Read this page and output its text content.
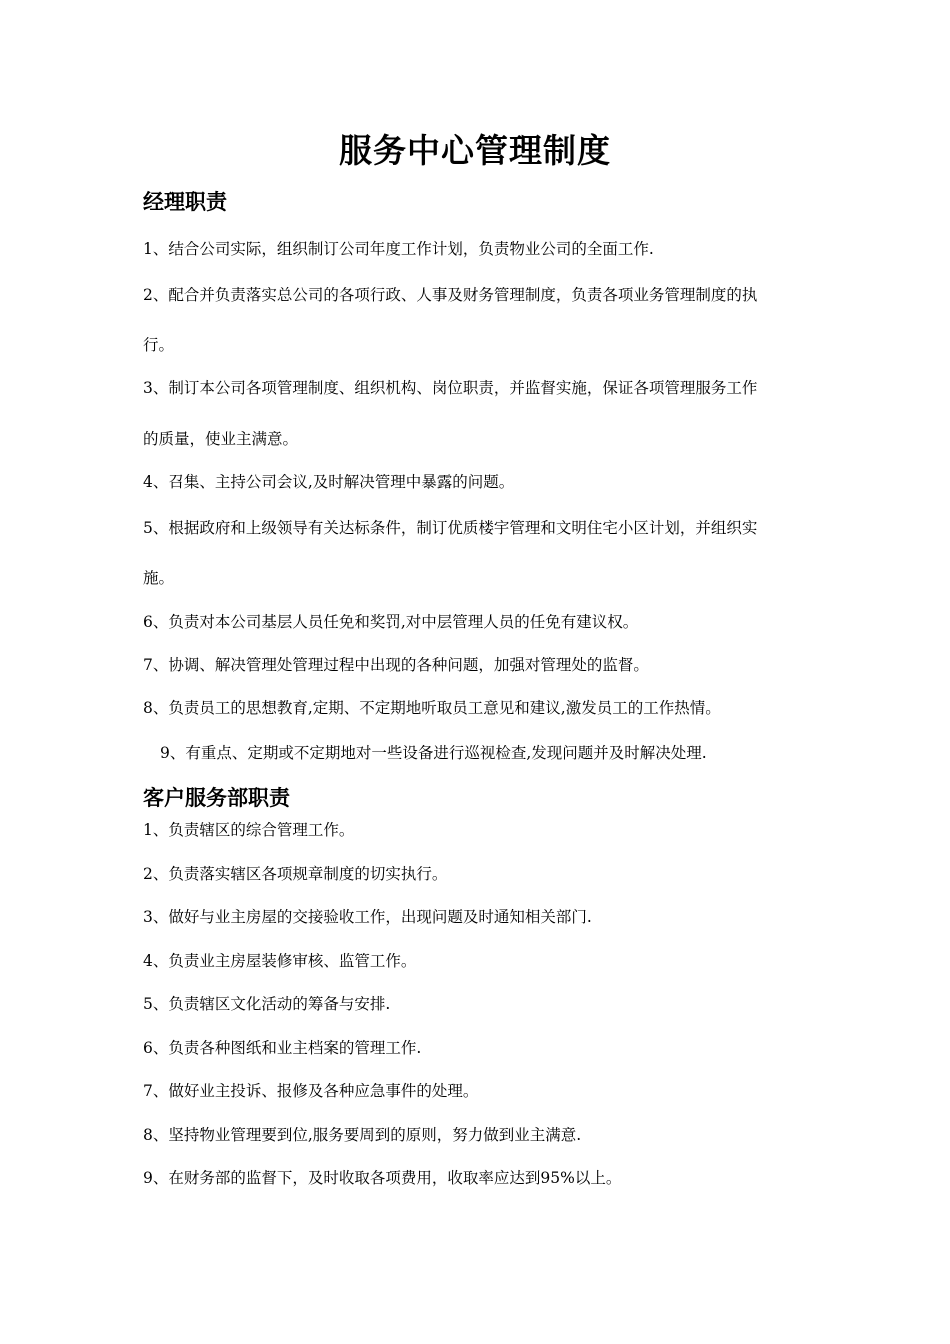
服务中心管理制度
经理职责

1、结合公司实际，组织制订公司年度工作计划，负责物业公司的全面工作.

2、配合并负责落实总公司的各项行政、人事及财务管理制度，负责各项业务管理制度的执

行。

3、制订本公司各项管理制度、组织机构、岗位职责，并监督实施，保证各项管理服务工作

的质量，使业主满意。

4、召集、主持公司会议,及时解决管理中暴露的问题。

5、根据政府和上级领导有关达标条件，制订优质楼宇管理和文明住宅小区计划，并组织实

施。

6、负责对本公司基层人员任免和奖罚,对中层管理人员的任免有建议权。

7、协调、解决管理处管理过程中出现的各种问题，加强对管理处的监督。

8、负责员工的思想教育,定期、不定期地听取员工意见和建议,激发员工的工作热情。

9、有重点、定期或不定期地对一些设备进行巡视检查,发现问题并及时解决处理.

客户服务部职责

1、负责辖区的综合管理工作。

2、负责落实辖区各项规章制度的切实执行。

3、做好与业主房屋的交接验收工作，出现问题及时通知相关部门.

4、负责业主房屋装修审核、监管工作。

5、负责辖区文化活动的筹备与安排.

6、负责各种图纸和业主档案的管理工作.

7、做好业主投诉、报修及各种应急事件的处理。

8、坚持物业管理要到位,服务要周到的原则，努力做到业主满意.

9、在财务部的监督下，及时收取各项费用，收取率应达到95%以上。
